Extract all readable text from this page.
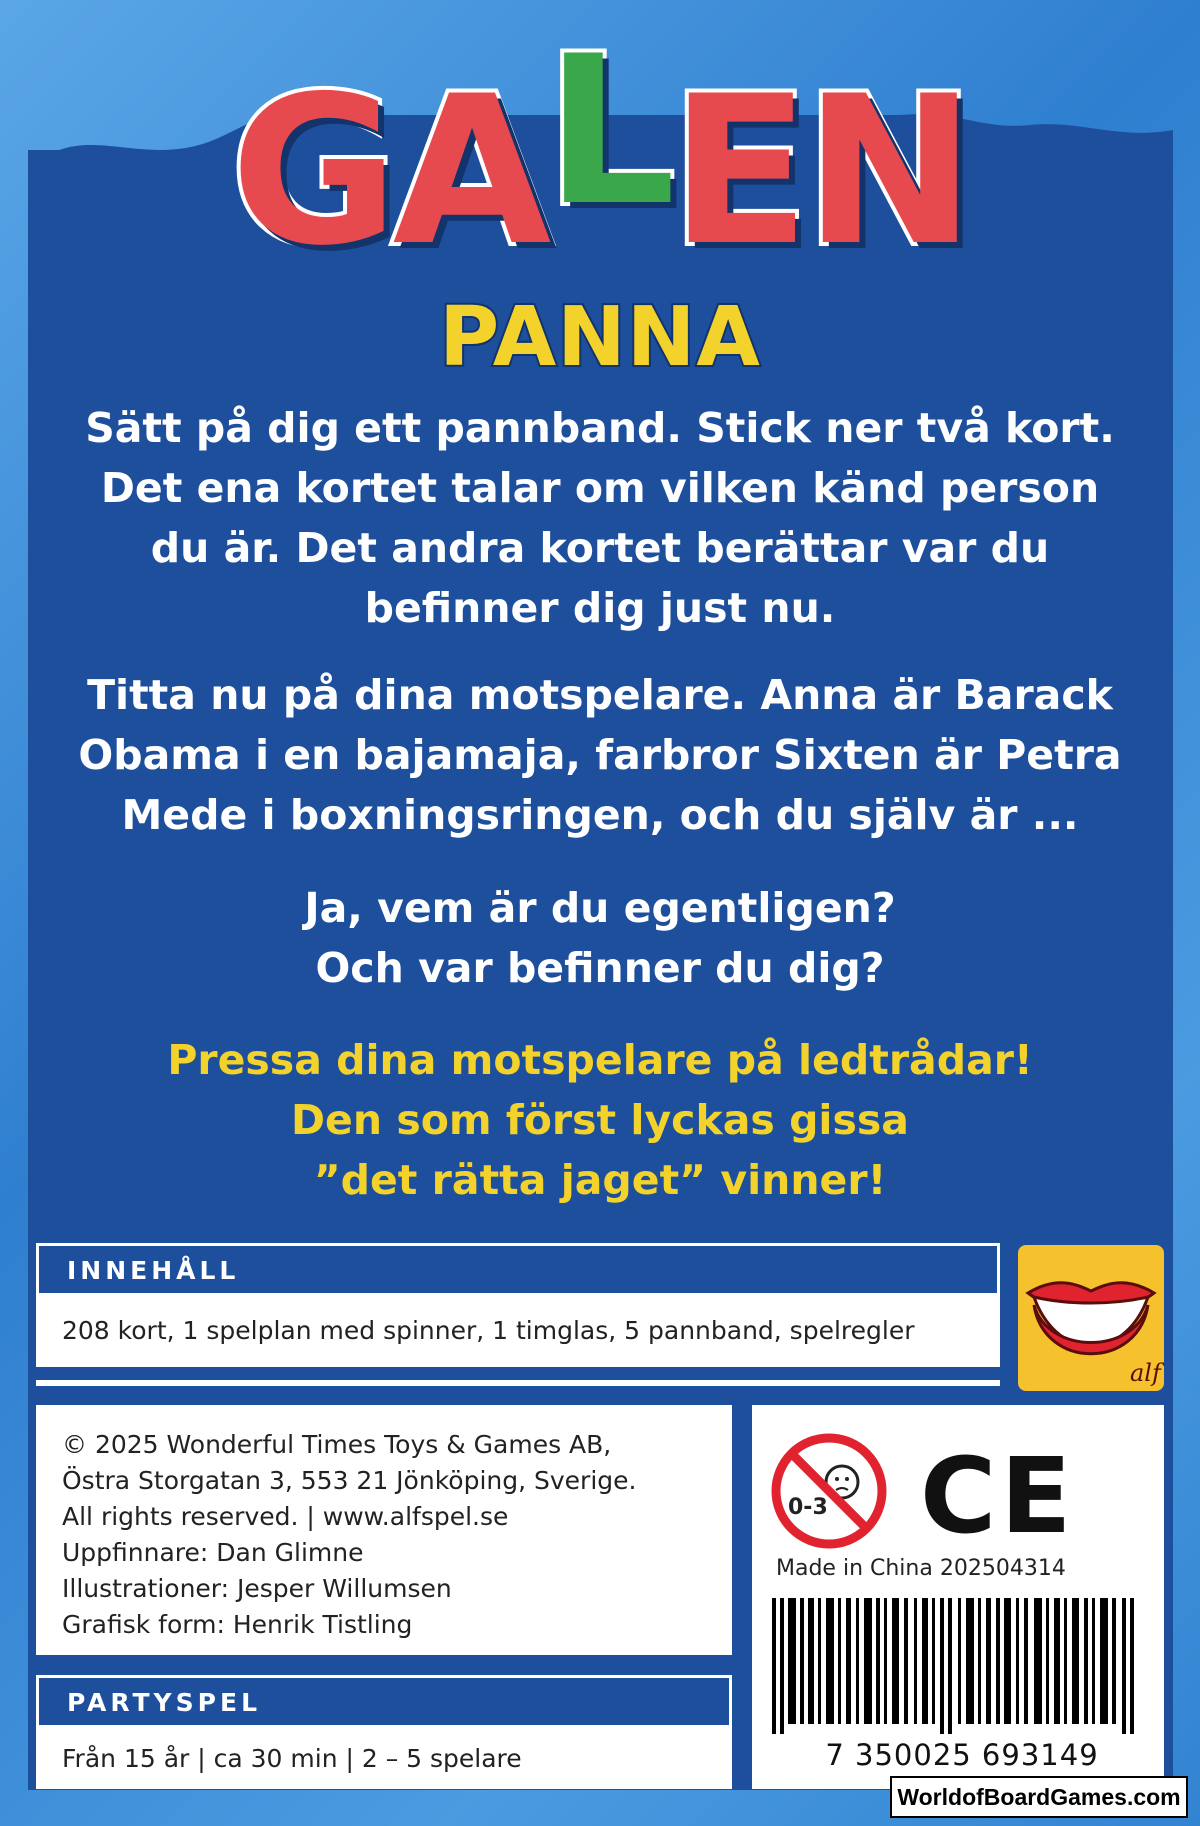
GALEN
PANNA
Sätt på dig ett pannband. Stick ner två kort.
Det ena kortet talar om vilken känd person
du är. Det andra kortet berättar var du
befinner dig just nu.
Titta nu på dina motspelare. Anna är Barack
Obama i en bajamaja, farbror Sixten är Petra
Mede i boxningsringen, och du själv är ...
Ja, vem är du egentligen?
Och var befinner du dig?
Pressa dina motspelare på ledtrådar!
Den som först lyckas gissa
”det rätta jaget” vinner!
INNEHÅLL
208 kort, 1 spelplan med spinner, 1 timglas, 5 pannband, spelregler
alf
© 2025 Wonderful Times Toys & Games AB,
Östra Storgatan 3, 553 21 Jönköping, Sverige.
All rights reserved. | www.alfspel.se
Uppfinnare: Dan Glimne
Illustrationer: Jesper Willumsen
Grafisk form: Henrik Tistling
PARTYSPEL
Från 15 år | ca 30 min | 2 – 5 spelare
0-3 CE
Made in China 202504314
7 350025 693149
WorldofBoardGames.com
